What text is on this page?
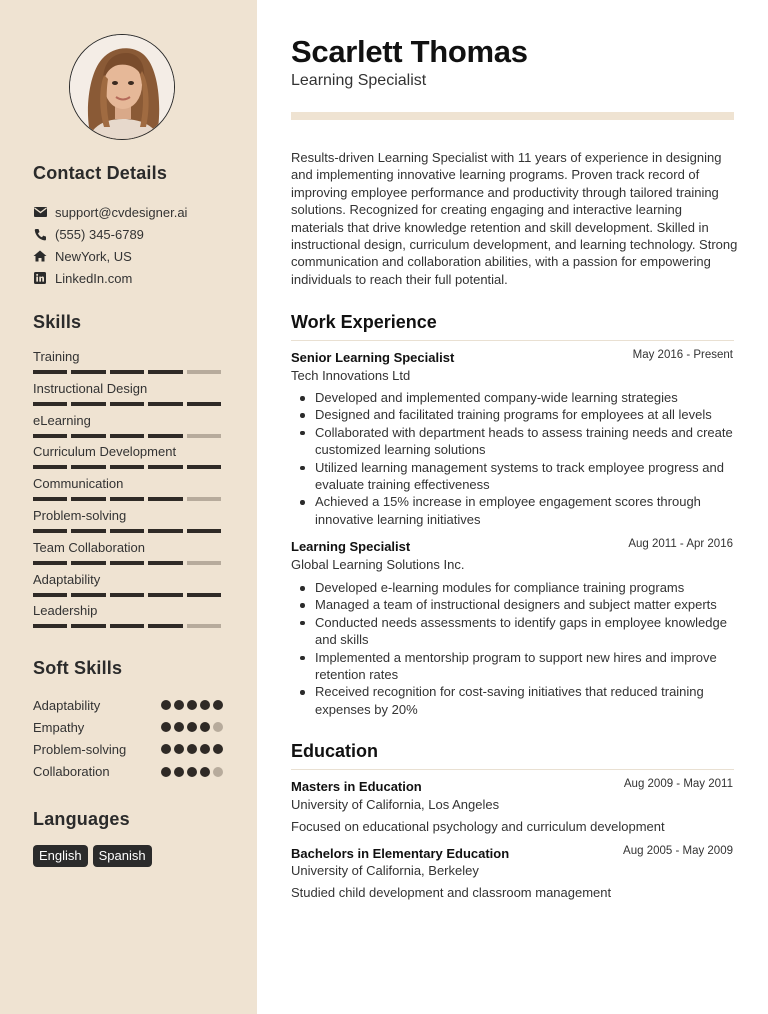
Contact Details
support@cvdesigner.ai
(555) 345-6789
NewYork, US
LinkedIn.com
Skills
Training
Instructional Design
eLearning
Curriculum Development
Communication
Problem-solving
Team Collaboration
Adaptability
Leadership
Soft Skills
Adaptability
Empathy
Problem-solving
Collaboration
Languages
English	Spanish
Scarlett Thomas
Learning Specialist
Results-driven Learning Specialist with 11 years of experience in designing and implementing innovative learning programs. Proven track record of improving employee performance and productivity through tailored training solutions. Recognized for creating engaging and interactive learning materials that drive knowledge retention and skill development. Skilled in instructional design, curriculum development, and learning technology. Strong communication and collaboration abilities, with a passion for empowering individuals to reach their full potential.
Work Experience
Senior Learning Specialist	May 2016 - Present
Tech Innovations Ltd
Developed and implemented company-wide learning strategies
Designed and facilitated training programs for employees at all levels
Collaborated with department heads to assess training needs and create customized learning solutions
Utilized learning management systems to track employee progress and evaluate training effectiveness
Achieved a 15% increase in employee engagement scores through innovative learning initiatives
Learning Specialist	Aug 2011 - Apr 2016
Global Learning Solutions Inc.
Developed e-learning modules for compliance training programs
Managed a team of instructional designers and subject matter experts
Conducted needs assessments to identify gaps in employee knowledge and skills
Implemented a mentorship program to support new hires and improve retention rates
Received recognition for cost-saving initiatives that reduced training expenses by 20%
Education
Masters in Education	Aug 2009 - May 2011
University of California, Los Angeles
Focused on educational psychology and curriculum development
Bachelors in Elementary Education	Aug 2005 - May 2009
University of California, Berkeley
Studied child development and classroom management
